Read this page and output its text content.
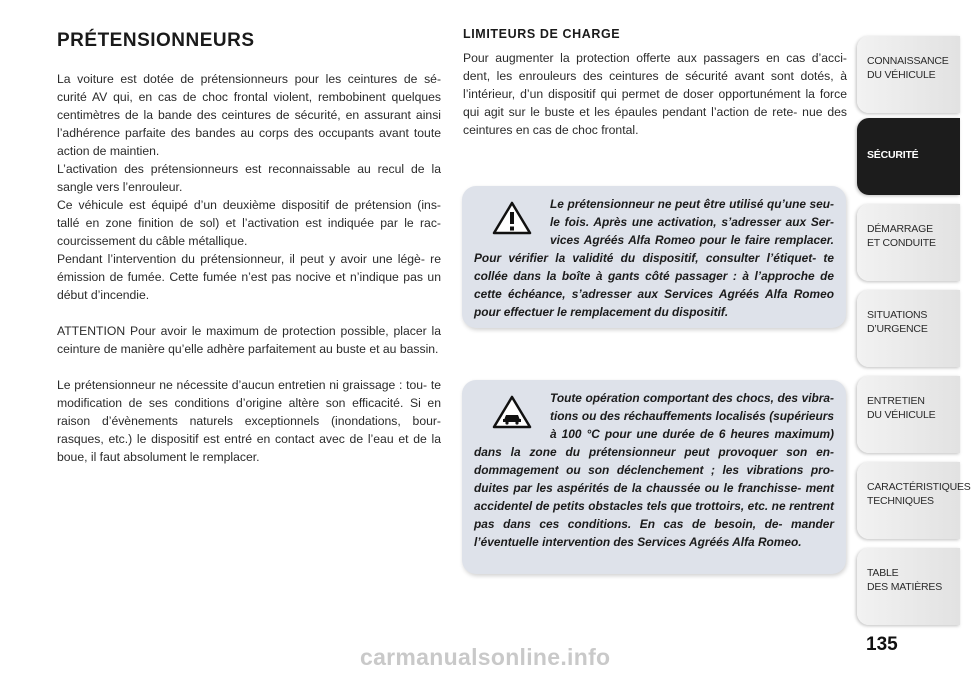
PRÉTENSIONNEURS

La voiture est dotée de prétensionneurs pour les ceintures de sé- curité AV qui, en cas de choc frontal violent, rembobinent quelques centimètres de la bande des ceintures de sécurité, en assurant ainsi l’adhérence parfaite des bandes au corps des occupants avant toute action de maintien.

L’activation des prétensionneurs est reconnaissable au recul de la sangle vers l’enrouleur.

Ce véhicule est équipé d’un deuxième dispositif de prétension (ins- tallé en zone finition de sol) et l’activation est indiquée par le rac- courcissement du câble métallique.

Pendant l’intervention du prétensionneur, il peut y avoir une légè- re émission de fumée. Cette fumée n’est pas nocive et n’indique pas un début d’incendie.

ATTENTION Pour avoir le maximum de protection possible, placer la ceinture de manière qu’elle adhère parfaitement au buste et au bassin.

Le prétensionneur ne nécessite d’aucun entretien ni graissage : tou- te modification de ses conditions d’origine altère son efficacité. Si en raison d’évènements naturels exceptionnels (inondations, bour- rasques, etc.) le dispositif est entré en contact avec de l’eau et de la boue, il faut absolument le remplacer.

LIMITEURS DE CHARGE

Pour augmenter la protection offerte aux passagers en cas d’acci- dent, les enrouleurs des ceintures de sécurité avant sont dotés, à l’intérieur, d’un dispositif qui permet de doser opportunément la force qui agit sur le buste et les épaules pendant l’action de rete- nue des ceintures en cas de choc frontal.

Le prétensionneur ne peut être utilisé qu’une seu- le fois. Après une activation, s’adresser aux Ser- vices Agréés Alfa Romeo pour le faire remplacer. Pour vérifier la validité du dispositif, consulter l’étiquet- te collée dans la boîte à gants côté passager : à l’approche de cette échéance, s’adresser aux Services Agréés Alfa Romeo pour effectuer le remplacement du dispositif.

Toute opération comportant des chocs, des vibra- tions ou des réchauffements localisés (supérieurs à 100 °C pour une durée de 6 heures maximum) dans la zone du prétensionneur peut provoquer son en- dommagement ou son déclenchement ; les vibrations pro- duites par les aspérités de la chaussée ou le franchisse- ment accidentel de petits obstacles tels que trottoirs, etc. ne rentrent pas dans ces conditions. En cas de besoin, de- mander l’éventuelle intervention des Services Agréés Alfa Romeo.

CONNAISSANCE
DU VÉHICULE
SÉCURITÉ
DÉMARRAGE
ET CONDUITE
SITUATIONS
D’URGENCE
ENTRETIEN
DU VÉHICULE
CARACTÉRISTIQUES
TECHNIQUES
TABLE
DES MATIÈRES
135
carmanualsonline.info
